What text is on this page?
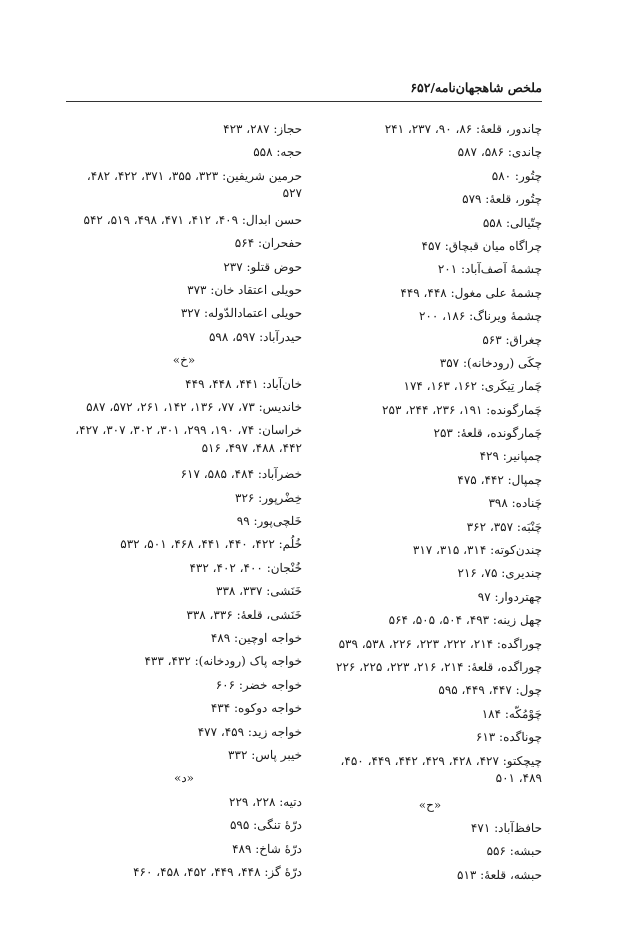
ملخص شاهجهان‌نامه/۶۵۲
چاندور، قلعهٔ: ۸۶، ۹۰، ۲۳۷، ۲۴۱
چاندی: ۵۸۶، ۵۸۷
چتُور: ۵۸۰
چتُور، قلعهٔ: ۵۷۹
چتّیالی: ۵۵۸
چراگاه میان قبچاق: ۴۵۷
چشمهٔ آصف‌آباد: ۲۰۱
چشمهٔ علی مغول: ۴۴۸، ۴۴۹
چشمهٔ ویرناگ: ۱۸۶، ۲۰۰
چغراق: ۵۶۳
چکَی (رودخانه): ۳۵۷
چَمار تِیکَری: ۱۶۲، ۱۶۳، ۱۷۴
چَمارگونده: ۱۹۱، ۲۳۶، ۲۴۴، ۲۵۳
چَمارگونده، قلعهٔ: ۲۵۳
چمپانیر: ۴۲۹
چمپال: ۴۴۲، ۴۷۵
چَناده: ۳۹۸
چَنْبَه: ۳۵۷، ۳۶۲
چندن‌کوته: ۳۱۴، ۳۱۵، ۳۱۷
چندیری: ۷۵، ۲۱۶
چهتردوار: ۹۷
چهل زینه: ۴۹۳، ۵۰۴، ۵۰۵، ۵۶۴
چوراگده: ۲۱۴، ۲۲۲، ۲۲۳، ۲۲۶، ۵۳۸، ۵۳۹
چوراگده، قلعهٔ: ۲۱۴، ۲۱۶، ۲۲۳، ۲۲۵، ۲۲۶
چول: ۴۴۷، ۴۴۹، ۵۹۵
چَوْمُکّه: ۱۸۴
چوناگده: ۶۱۳
چیچکتو: ۴۲۷، ۴۲۸، ۴۲۹، ۴۴۲، ۴۴۹، ۴۵۰، ۴۸۹، ۵۰۱
«ح»
حافظ‌آباد: ۴۷۱
حبشه: ۵۵۶
حبشه، قلعهٔ: ۵۱۳
حجاز: ۲۸۷، ۴۲۳
حجه: ۵۵۸
حرمین شریفین: ۳۲۳، ۳۵۵، ۳۷۱، ۴۲۲، ۴۸۲، ۵۲۷
حسن ابدال: ۴۰۹، ۴۱۲، ۴۷۱، ۴۹۸، ۵۱۹، ۵۴۲
حفحران: ۵۶۴
حوض قتلو: ۲۳۷
حویلی اعتقاد خان: ۳۷۳
حویلی اعتمادالدّوله: ۳۲۷
حیدرآباد: ۵۹۷، ۵۹۸
«خ»
خان‌آباد: ۴۴۱، ۴۴۸، ۴۴۹
خاندیس: ۷۳، ۷۷، ۱۳۶، ۱۴۲، ۲۶۱، ۵۷۲، ۵۸۷
خراسان: ۷۴، ۱۹۰، ۲۹۹، ۳۰۱، ۳۰۲، ۳۰۷، ۴۲۷، ۴۴۲، ۴۸۸، ۴۹۷، ۵۱۶
خضرآباد: ۴۸۴، ۵۸۵، ۶۱۷
خِضْرپور: ۳۲۶
خَلچی‌پور: ۹۹
خُلُم: ۴۲۲، ۴۴۰، ۴۴۱، ۴۶۸، ۵۰۱، ۵۳۲
خُنْجان: ۴۰۰، ۴۰۲، ۴۳۲
خَنَشی: ۳۳۷، ۳۳۸
خَنَشی، قلعهٔ: ۳۳۶، ۳۳۸
خواجه اوچین: ۴۸۹
خواجه پاک (رودخانه): ۴۳۲، ۴۳۳
خواجه خضر: ۶۰۶
خواجه دوکوه: ۴۳۴
خواجه زید: ۴۵۹، ۴۷۷
خیبر پاس: ۳۳۲
«د»
دتیه: ۲۲۸، ۲۲۹
درّهٔ تنگی: ۵۹۵
درّهٔ شاخ: ۴۸۹
درّهٔ گز: ۴۴۸، ۴۴۹، ۴۵۲، ۴۵۸، ۴۶۰
